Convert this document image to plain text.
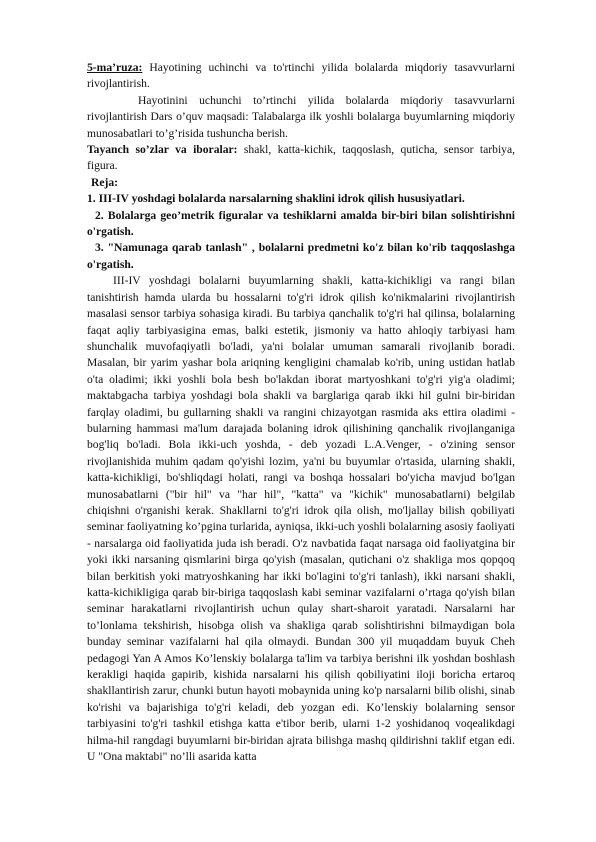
5-ma’ruza: Hayotining uchinchi va to'rtinchi yilida bolalarda miqdoriy tasavvurlarni rivojlantirish.

Hayotinini uchunchi to’rtinchi yilida bolalarda miqdoriy tasavvurlarni rivojlantirish Dars o’quv maqsadi: Talabalarga ilk yoshli bolalarga buyumlarning miqdoriy munosabatlari to’g’risida tushuncha berish.

Tayanch so’zlar va iboralar: shakl, katta-kichik, taqqoslash, quticha, sensor tarbiya, figura.

Reja:

1. III-IV yoshdagi bolalarda narsalarning shaklini idrok qilish hususiyatlari.

2. Bolalarga geo’metrik figuralar va teshiklarni amalda bir-biri bilan solishtirishni o'rgatish.

3. "Namunaga qarab tanlash" , bolalarni predmetni ko'z bilan ko'rib taqqoslashga o'rgatish.

III-IV yoshdagi bolalarni buyumlarning shakli, katta-kichikligi va rangi bilan tanishtirish hamda ularda bu hossalarni to'g'ri idrok qilish ko'nikmalarini rivojlantirish masalasi sensor tarbiya sohasiga kiradi. Bu tarbiya qanchalik to'g'ri hal qilinsa, bolalarning faqat aqliy tarbiyasigina emas, balki estetik, jismoniy va hatto ahloqiy tarbiyasi ham shunchalik muvofaqiyatli bo'ladi, ya'ni bolalar umuman samarali rivojlanib boradi. Masalan, bir yarim yashar bola ariqning kengligini chamalab ko'rib, uning ustidan hatlab o'ta oladimi; ikki yoshli bola besh bo'lakdan iborat martyoshkani to'g'ri yig'a oladimi; maktabgacha tarbiya yoshdagi bola shakli va barglariga qarab ikki hil gulni bir-biridan farqlay oladimi, bu gullarning shakli va rangini chizayotgan rasmida aks ettira oladimi - bularning hammasi ma'lum darajada bolaning idrok qilishining qanchalik rivojlanganiga bog'liq bo'ladi. Bola ikki-uch yoshda, - deb yozadi L.A.Venger, - o'zining sensor rivojlanishida muhim qadam qo'yishi lozim, ya'ni bu buyumlar o'rtasida, ularning shakli, katta-kichikligi, bo'shliqdagi holati, rangi va boshqa hossalari bo'yicha mavjud bo'lgan munosabatlarni ("bir hil" va "har hil", "katta" va "kichik" munosabatlarni) belgilab chiqishni o'rganishi kerak. Shakllarni to'g'ri idrok qila olish, mo'ljallay bilish qobiliyati seminar faoliyatning ko’pgina turlarida, ayniqsa, ikki-uch yoshli bolalarning asosiy faoliyati - narsalarga oid faoliyatida juda ish beradi. O'z navbatida faqat narsaga oid faoliyatgina bir yoki ikki narsaning qismlarini birga qo'yish (masalan, qutichani o'z shakliga mos qopqoq bilan berkitish yoki matryoshkaning har ikki bo'lagini to'g'ri tanlash), ikki narsani shakli, katta-kichikligiga qarab bir-biriga taqqoslash kabi seminar vazifalarni o’rtaga qo'yish bilan seminar harakatlarni rivojlantirish uchun qulay shart-sharoit yaratadi. Narsalarni har to’lonlama tekshirish, hisobga olish va shakliga qarab solishtirishni bilmaydigan bola bunday seminar vazifalarni hal qila olmaydi. Bundan 300 yil muqaddam buyuk Cheh pedagogi Yan A Amos Ko’lenskiy bolalarga ta'lim va tarbiya berishni ilk yoshdan boshlash kerakligi haqida gapirib, kishida narsalarni his qilish qobiliyatini iloji boricha ertaroq shakllantirish zarur, chunki butun hayoti mobaynida uning ko'p narsalarni bilib olishi, sinab ko'rishi va bajarishiga to'g'ri keladi, deb yozgan edi. Ko’lenskiy bolalarning sensor tarbiyasini to'g'ri tashkil etishga katta e'tibor berib, ularni 1-2 yoshidanoq voqealikdagi hilma-hil rangdagi buyumlarni bir-biridan ajrata bilishga mashq qildirishni taklif etgan edi. U "Ona maktabi" no’lli asarida katta
